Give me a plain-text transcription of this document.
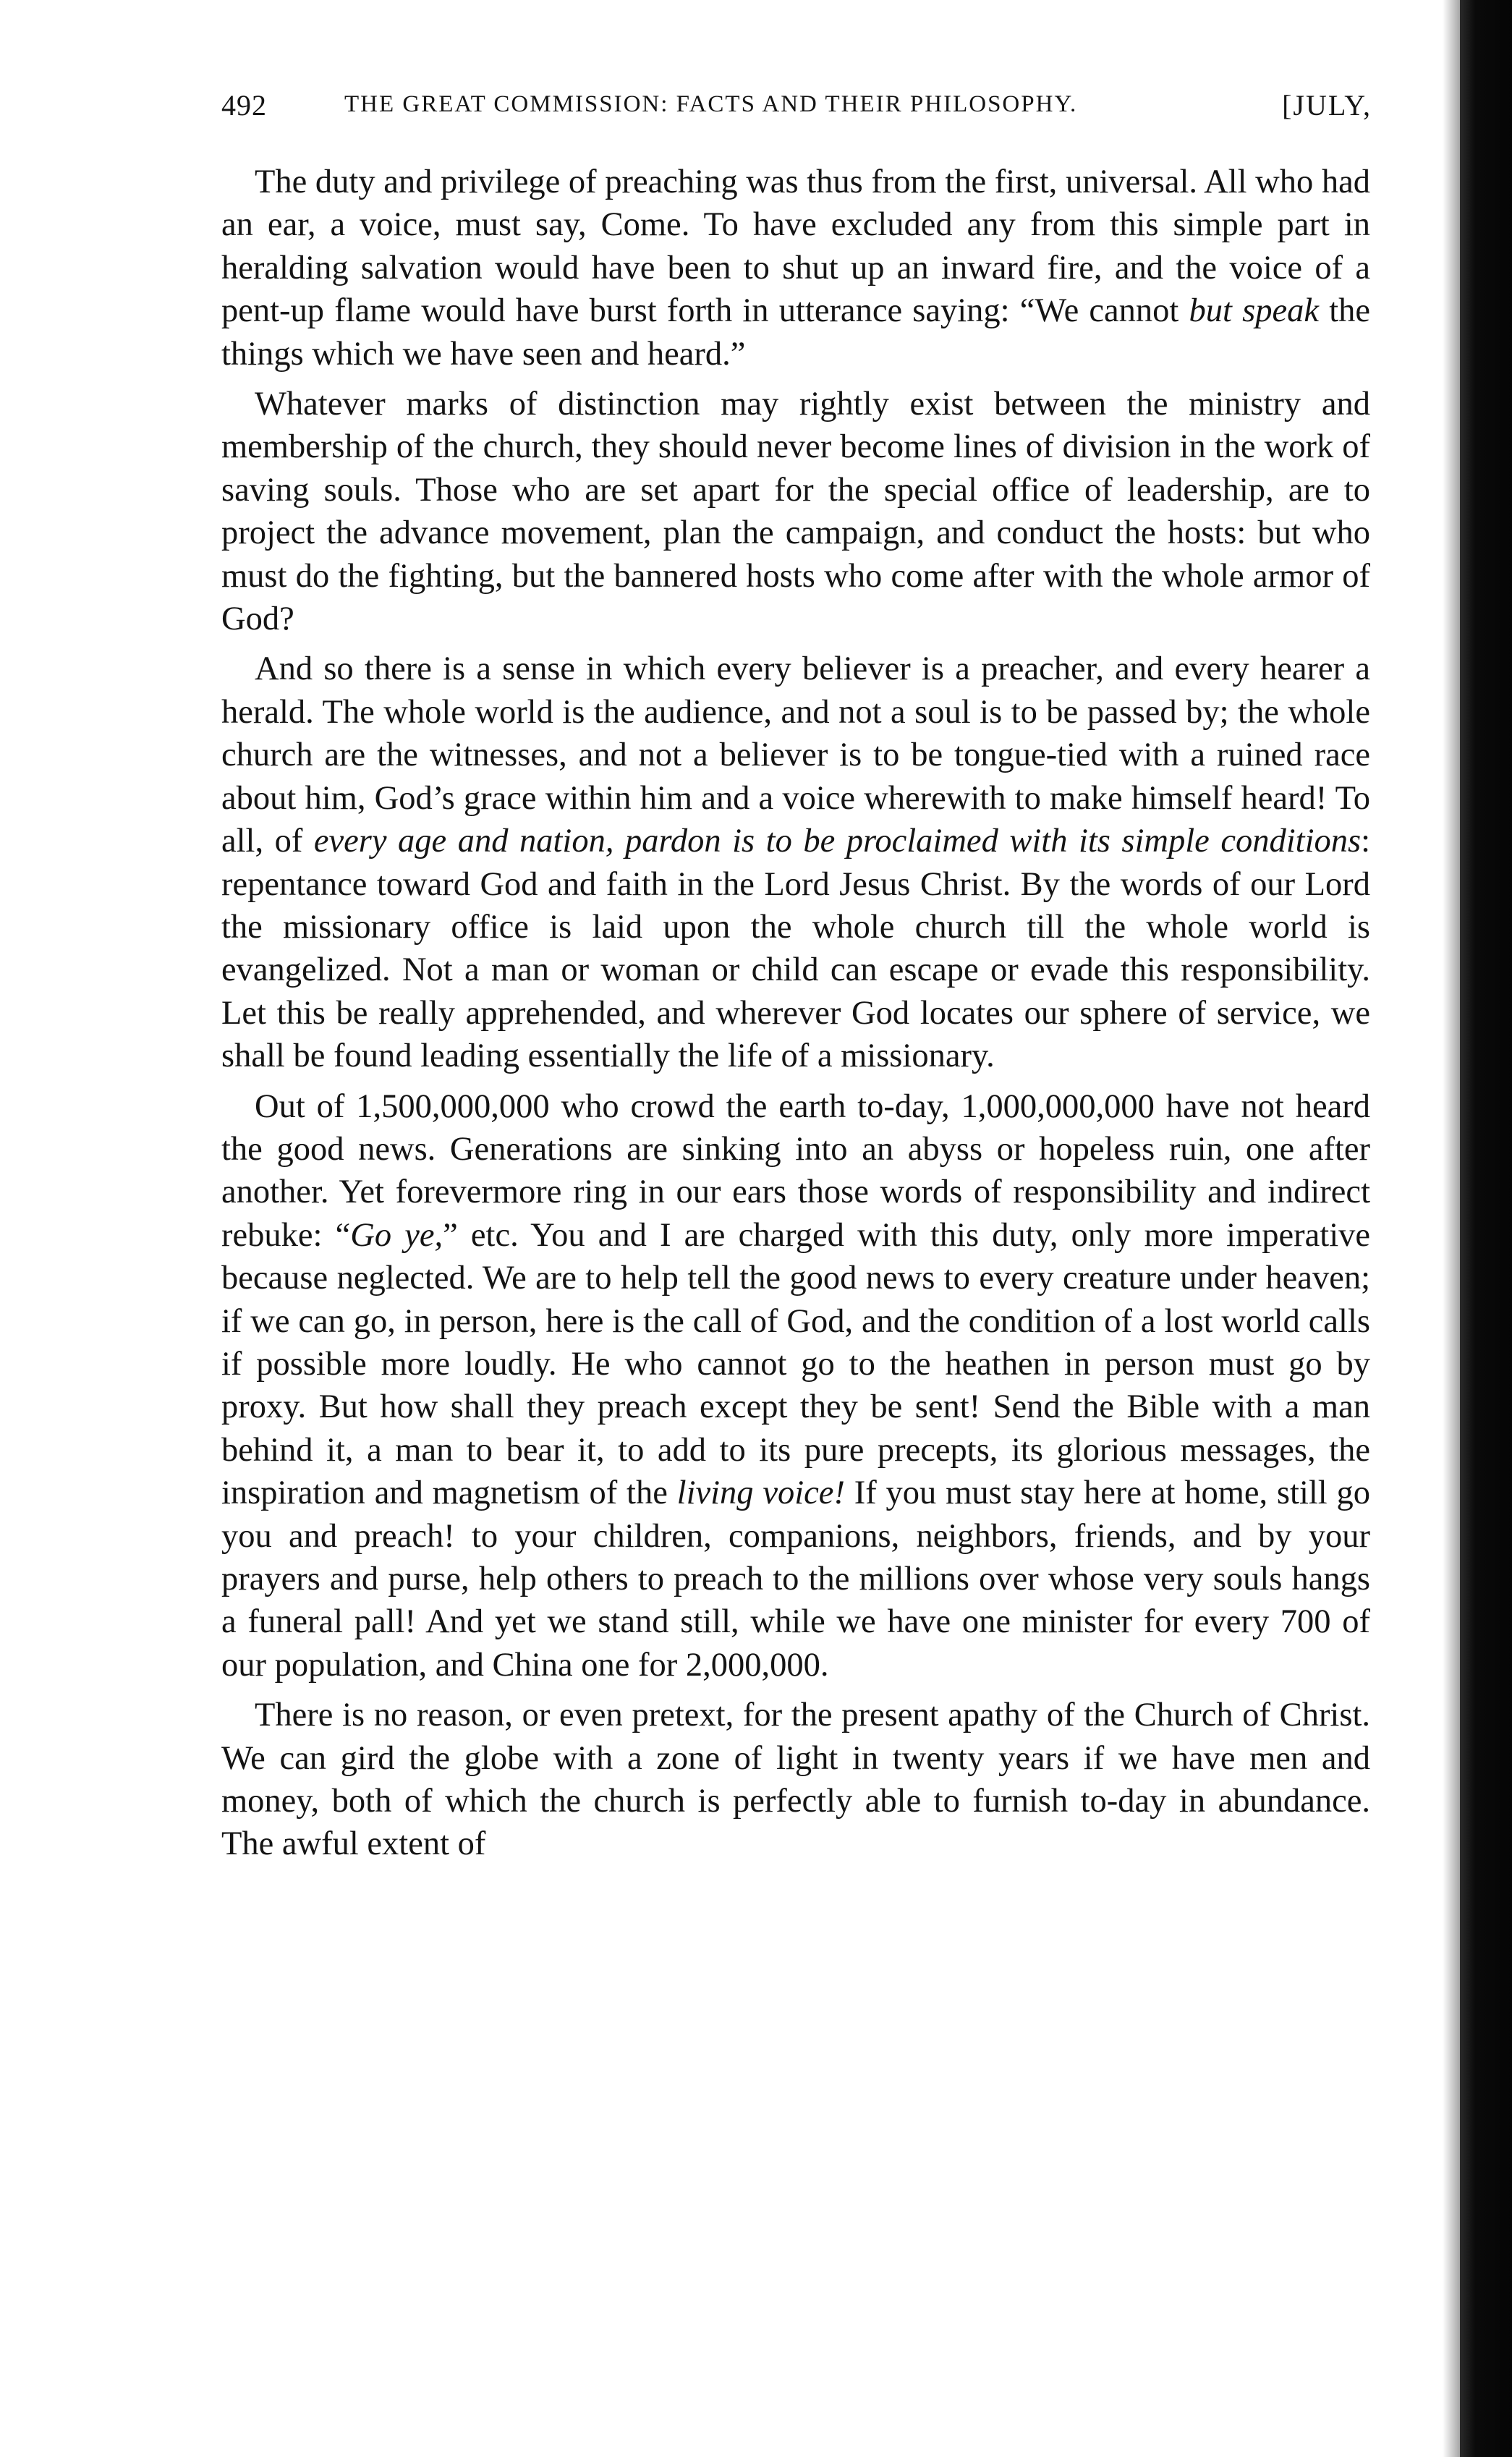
492	THE GREAT COMMISSION: FACTS AND THEIR PHILOSOPHY.	[JULY,

The duty and privilege of preaching was thus from the first, universal. All who had an ear, a voice, must say, Come. To have excluded any from this simple part in heralding salvation would have been to shut up an inward fire, and the voice of a pent-up flame would have burst forth in utterance saying: “We cannot but speak the things which we have seen and heard.”

Whatever marks of distinction may rightly exist between the ministry and membership of the church, they should never become lines of division in the work of saving souls. Those who are set apart for the special office of leadership, are to project the advance movement, plan the campaign, and conduct the hosts: but who must do the fighting, but the bannered hosts who come after with the whole armor of God?

And so there is a sense in which every believer is a preacher, and every hearer a herald. The whole world is the audience, and not a soul is to be passed by; the whole church are the witnesses, and not a believer is to be tongue-tied with a ruined race about him, God’s grace within him and a voice wherewith to make himself heard! To all, of every age and nation, pardon is to be proclaimed with its simple conditions: repentance toward God and faith in the Lord Jesus Christ. By the words of our Lord the missionary office is laid upon the whole church till the whole world is evangelized. Not a man or woman or child can escape or evade this responsibility. Let this be really apprehended, and wherever God locates our sphere of service, we shall be found leading essentially the life of a missionary.

Out of 1,500,000,000 who crowd the earth to-day, 1,000,000,000 have not heard the good news. Generations are sinking into an abyss or hopeless ruin, one after another. Yet forevermore ring in our ears those words of responsibility and indirect rebuke: “Go ye,” etc. You and I are charged with this duty, only more imperative because neglected. We are to help tell the good news to every creature under heaven; if we can go, in person, here is the call of God, and the condition of a lost world calls if possible more loudly. He who cannot go to the heathen in person must go by proxy. But how shall they preach except they be sent! Send the Bible with a man behind it, a man to bear it, to add to its pure precepts, its glorious messages, the inspiration and magnetism of the living voice! If you must stay here at home, still go you and preach! to your children, companions, neighbors, friends, and by your prayers and purse, help others to preach to the millions over whose very souls hangs a funeral pall! And yet we stand still, while we have one minister for every 700 of our population, and China one for 2,000,000.

There is no reason, or even pretext, for the present apathy of the Church of Christ. We can gird the globe with a zone of light in twenty years if we have men and money, both of which the church is perfectly able to furnish to-day in abundance. The awful extent of
